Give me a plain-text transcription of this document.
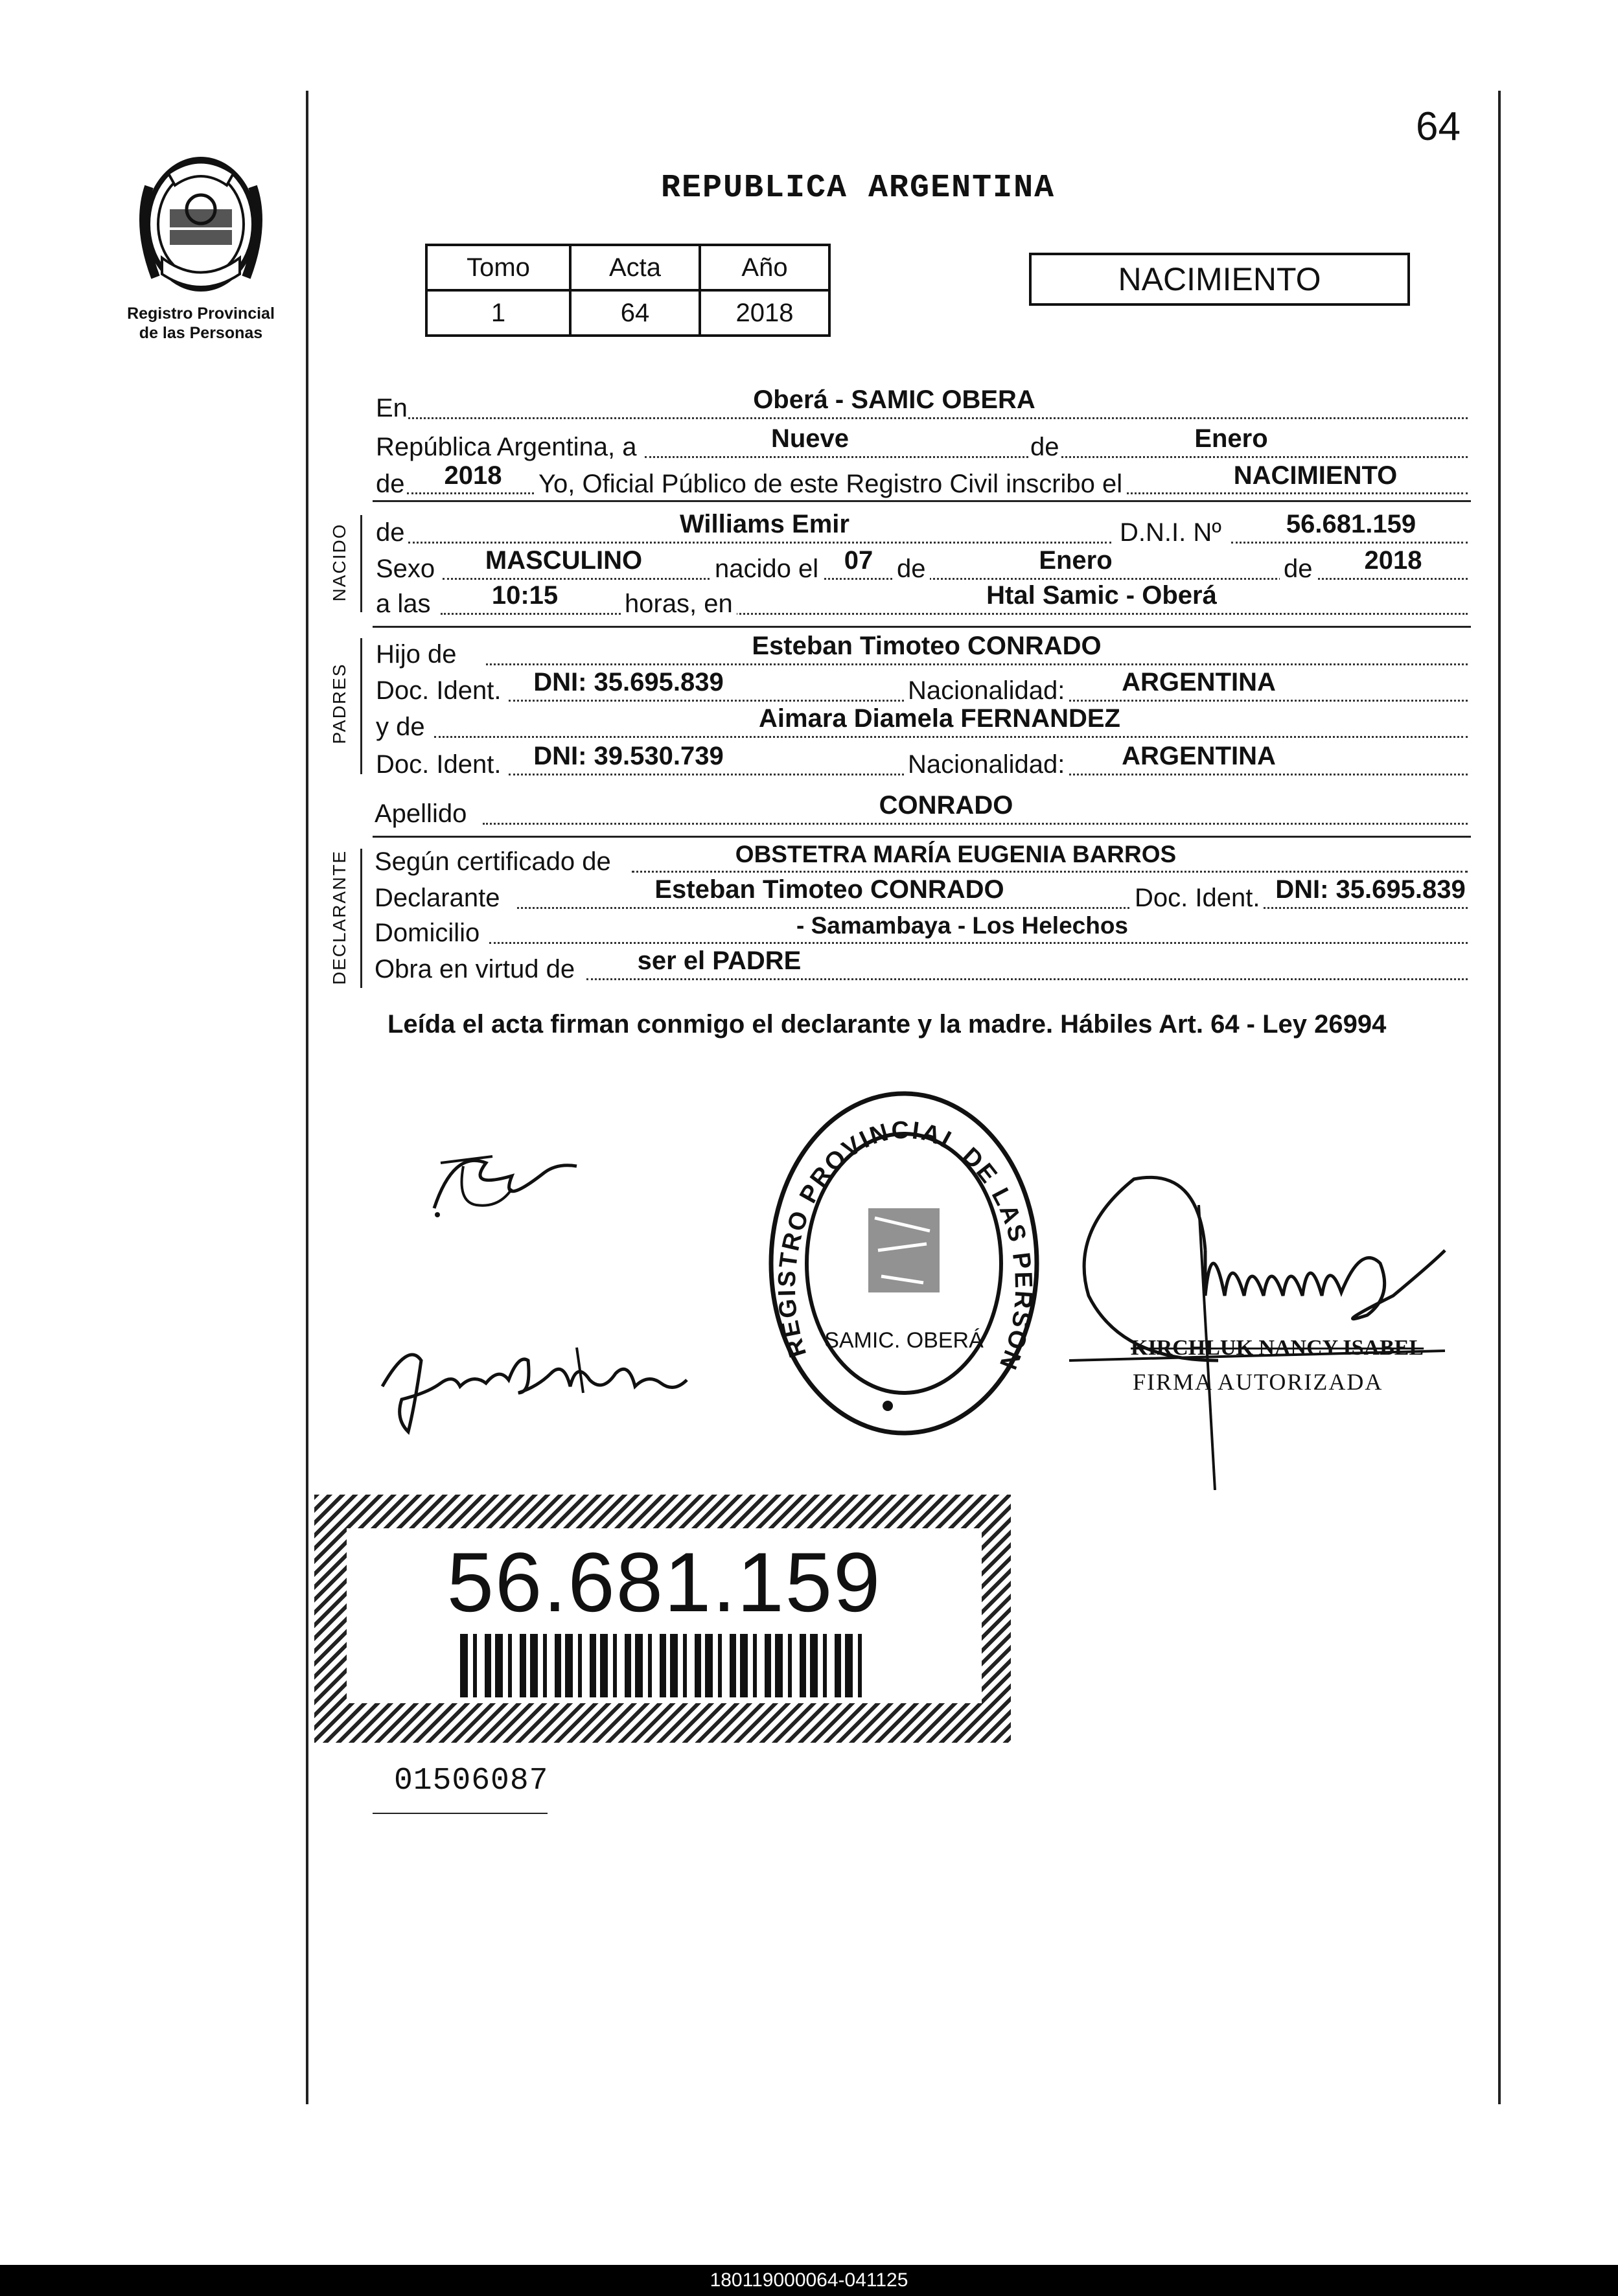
64
Registro Provincial
de las Personas
REPUBLICA ARGENTINA
Tomo	Acta	Año
1	64	2018
NACIMIENTO
En	Oberá - SAMIC OBERA
República Argentina, a	Nueve	de	Enero
de	2018	Yo, Oficial Público de este Registro Civil inscribo el	NACIMIENTO
NACIDO de	Williams Emir	D.N.I. Nº	56.681.159
Sexo	MASCULINO	nacido el 07 de	Enero	de	2018
a las	10:15	horas, en	Htal Samic - Oberá
PADRES
Hijo de	Esteban Timoteo CONRADO
Doc. Ident.	DNI: 35.695.839	Nacionalidad: ARGENTINA
y de	Aimara Diamela FERNANDEZ
Doc. Ident.	DNI: 39.530.739	Nacionalidad: ARGENTINA
Apellido	CONRADO
DECLARANTE Según certificado de	OBSTETRA MARÍA EUGENIA BARROS
Declarante	Esteban Timoteo CONRADO	Doc. Ident. DNI: 35.695.839
Domicilio	- Samambaya - Los Helechos
Obra en virtud de	ser el PADRE
Leída el acta firman conmigo el declarante y la madre. Hábiles Art. 64 - Ley 26994
REGISTRO PROVINCIAL DE LAS PERSON
SAMIC. OBERÁ	KIRCHLUK NANCY ISABEL
FIRMA AUTORIZADA
56.681.159
01506087
180119000064-041125
